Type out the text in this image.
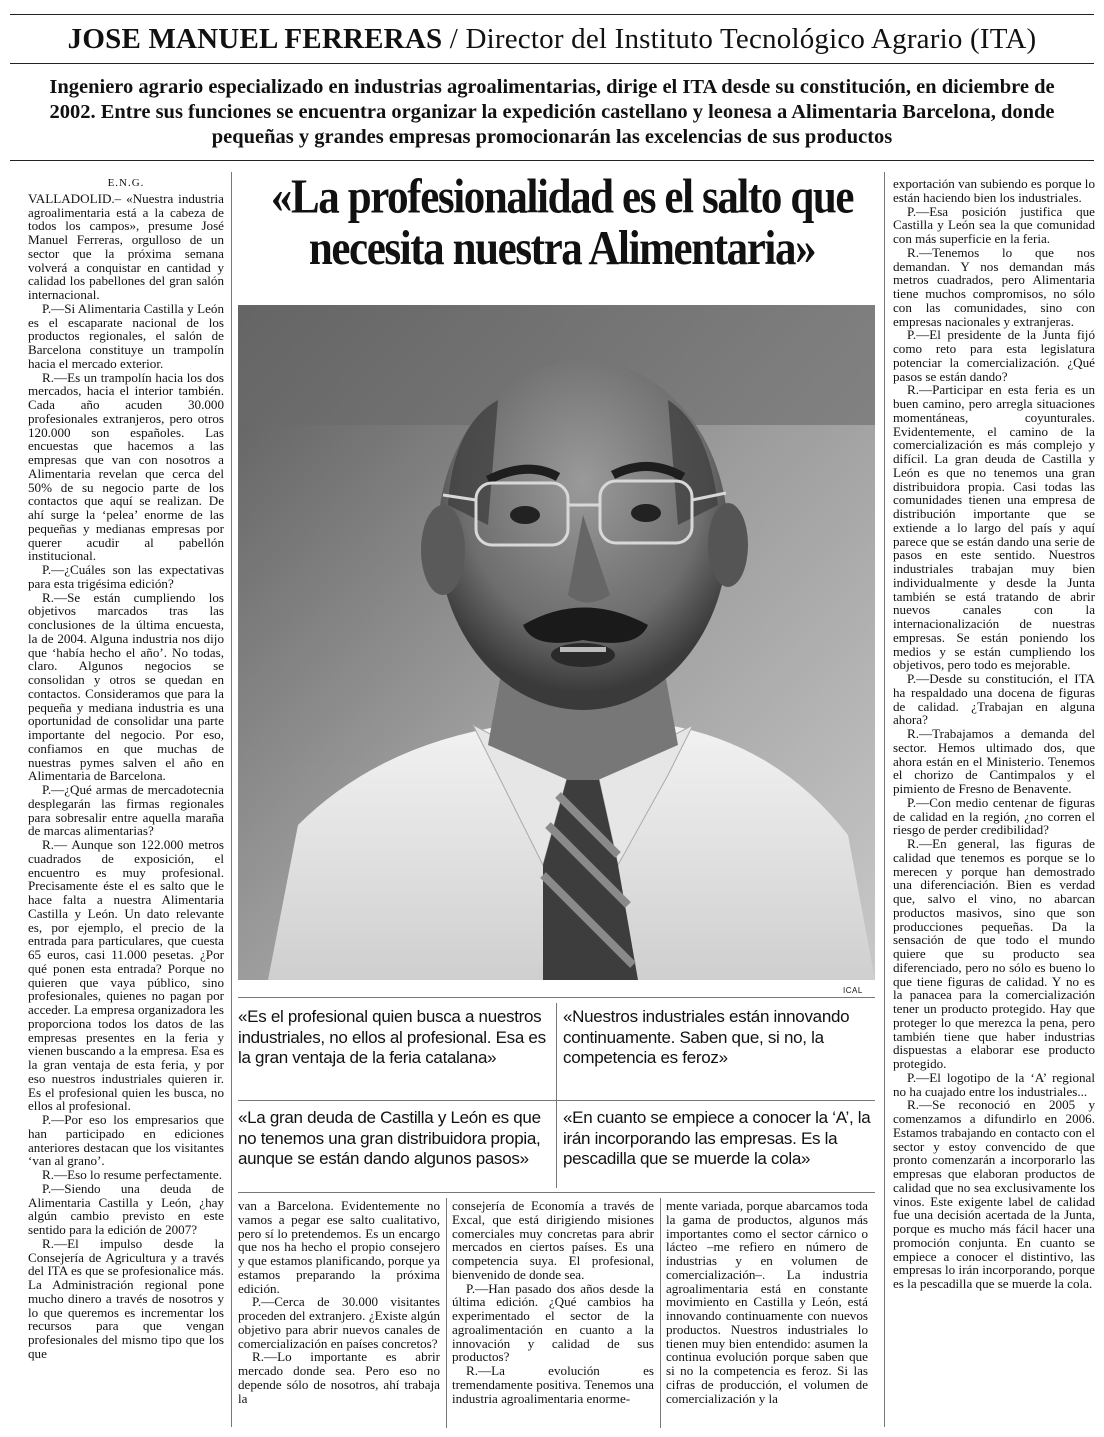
JOSE MANUEL FERRERAS / Director del Instituto Tecnológico Agrario (ITA)
Ingeniero agrario especializado en industrias agroalimentarias, dirige el ITA desde su constitución, en diciembre de 2002. Entre sus funciones se encuentra organizar la expedición castellano y leonesa a Alimentaria Barcelona, donde pequeñas y grandes empresas promocionarán las excelencias de sus productos
E.N.G.

VALLADOLID.– «Nuestra industria agroalimentaria está a la cabeza de todos los campos», presume José Manuel Ferreras, orgulloso de un sector que la próxima semana volverá a conquistar en cantidad y calidad los pabellones del gran salón internacional.

P.—Si Alimentaria Castilla y León es el escaparate nacional de los productos regionales, el salón de Barcelona constituye un trampolín hacia el mercado exterior.

R.—Es un trampolín hacia los dos mercados, hacia el interior también. Cada año acuden 30.000 profesionales extranjeros, pero otros 120.000 son españoles. Las encuestas que hacemos a las empresas que van con nosotros a Alimentaria revelan que cerca del 50% de su negocio parte de los contactos que aquí se realizan. De ahí surge la ‘pelea’ enorme de las pequeñas y medianas empresas por querer acudir al pabellón institucional.

P.—¿Cuáles son las expectativas para esta trigésima edición?

R.—Se están cumpliendo los objetivos marcados tras las conclusiones de la última encuesta, la de 2004. Alguna industria nos dijo que ‘había hecho el año’. No todas, claro. Algunos negocios se consolidan y otros se quedan en contactos. Consideramos que para la pequeña y mediana industria es una oportunidad de consolidar una parte importante del negocio. Por eso, confiamos en que muchas de nuestras pymes salven el año en Alimentaria de Barcelona.

P.—¿Qué armas de mercadotecnia desplegarán las firmas regionales para sobresalir entre aquella maraña de marcas alimentarias?

R.— Aunque son 122.000 metros cuadrados de exposición, el encuentro es muy profesional. Precisamente éste el es salto que le hace falta a nuestra Alimentaria Castilla y León. Un dato relevante es, por ejemplo, el precio de la entrada para particulares, que cuesta 65 euros, casi 11.000 pesetas. ¿Por qué ponen esta entrada? Porque no quieren que vaya público, sino profesionales, quienes no pagan por acceder. La empresa organizadora les proporciona todos los datos de las empresas presentes en la feria y vienen buscando a la empresa. Esa es la gran ventaja de esta feria, y por eso nuestros industriales quieren ir. Es el profesional quien les busca, no ellos al profesional.

P.—Por eso los empresarios que han participado en ediciones anteriores destacan que los visitantes ‘van al grano’.

R.—Eso lo resume perfectamente.

P.—Siendo una deuda de Alimentaria Castilla y León, ¿hay algún cambio previsto en este sentido para la edición de 2007?

R.—El impulso desde la Consejería de Agricultura y a través del ITA es que se profesionalice más. La Administración regional pone mucho dinero a través de nosotros y lo que queremos es incrementar los recursos para que vengan profesionales del mismo tipo que los que

«La profesionalidad es el salto que necesita nuestra Alimentaria»
ICAL
«Es el profesional quien busca a nuestros industriales, no ellos al profesional. Esa es la gran ventaja de la feria catalana»
«Nuestros industriales están innovando continuamente. Saben que, si no, la competencia es feroz»
«La gran deuda de Castilla y León es que no tenemos una gran distribuidora propia, aunque se están dando algunos pasos»
«En cuanto se empiece a conocer la ‘A’, la irán incorporando las empresas. Es la pescadilla que se muerde la cola»

van a Barcelona. Evidentemente no vamos a pegar ese salto cualitativo, pero sí lo pretendemos. Es un encargo que nos ha hecho el propio consejero y que estamos planificando, porque ya estamos preparando la próxima edición.

P.—Cerca de 30.000 visitantes proceden del extranjero. ¿Existe algún objetivo para abrir nuevos canales de comercialización en países concretos?

R.—Lo importante es abrir mercado donde sea. Pero eso no depende sólo de nosotros, ahí trabaja la

consejería de Economía a través de Excal, que está dirigiendo misiones comerciales muy concretas para abrir mercados en ciertos países. Es una competencia suya. El profesional, bienvenido de donde sea.

P.—Han pasado dos años desde la última edición. ¿Qué cambios ha experimentado el sector de la agroalimentación en cuanto a la innovación y calidad de sus productos?

R.—La evolución es tremendamente positiva. Tenemos una industria agroalimentaria enorme-

mente variada, porque abarcamos toda la gama de productos, algunos más importantes como el sector cárnico o lácteo –me refiero en número de industrias y en volumen de comercialización–. La industria agroalimentaria está en constante movimiento en Castilla y León, está innovando continuamente con nuevos productos. Nuestros industriales lo tienen muy bien entendido: asumen la continua evolución porque saben que si no la competencia es feroz. Si las cifras de producción, el volumen de comercialización y la

exportación van subiendo es porque lo están haciendo bien los industriales.

P.—Esa posición justifica que Castilla y León sea la que comunidad con más superficie en la feria.

R.—Tenemos lo que nos demandan. Y nos demandan más metros cuadrados, pero Alimentaria tiene muchos compromisos, no sólo con las comunidades, sino con empresas nacionales y extranjeras.

P.—El presidente de la Junta fijó como reto para esta legislatura potenciar la comercialización. ¿Qué pasos se están dando?

R.—Participar en esta feria es un buen camino, pero arregla situaciones momentáneas, coyunturales. Evidentemente, el camino de la comercialización es más complejo y difícil. La gran deuda de Castilla y León es que no tenemos una gran distribuidora propia. Casi todas las comunidades tienen una empresa de distribución importante que se extiende a lo largo del país y aquí parece que se están dando una serie de pasos en este sentido. Nuestros industriales trabajan muy bien individualmente y desde la Junta también se está tratando de abrir nuevos canales con la internacionalización de nuestras empresas. Se están poniendo los medios y se están cumpliendo los objetivos, pero todo es mejorable.

P.—Desde su constitución, el ITA ha respaldado una docena de figuras de calidad. ¿Trabajan en alguna ahora?

R.—Trabajamos a demanda del sector. Hemos ultimado dos, que ahora están en el Ministerio. Tenemos el chorizo de Cantimpalos y el pimiento de Fresno de Benavente.

P.—Con medio centenar de figuras de calidad en la región, ¿no corren el riesgo de perder credibilidad?

R.—En general, las figuras de calidad que tenemos es porque se lo merecen y porque han demostrado una diferenciación. Bien es verdad que, salvo el vino, no abarcan productos masivos, sino que son producciones pequeñas. Da la sensación de que todo el mundo quiere que su producto sea diferenciado, pero no sólo es bueno lo que tiene figuras de calidad. Y no es la panacea para la comercialización tener un producto protegido. Hay que proteger lo que merezca la pena, pero también tiene que haber industrias dispuestas a elaborar ese producto protegido.

P.—El logotipo de la ‘A’ regional no ha cuajado entre los industriales...

R.—Se reconoció en 2005 y comenzamos a difundirlo en 2006. Estamos trabajando en contacto con el sector y estoy convencido de que pronto comenzarán a incorporarlo las empresas que elaboran productos de calidad que no sea exclusivamente los vinos. Este exigente label de calidad fue una decisión acertada de la Junta, porque es mucho más fácil hacer una promoción conjunta. En cuanto se empiece a conocer el distintivo, las empresas lo irán incorporando, porque es la pescadilla que se muerde la cola.
